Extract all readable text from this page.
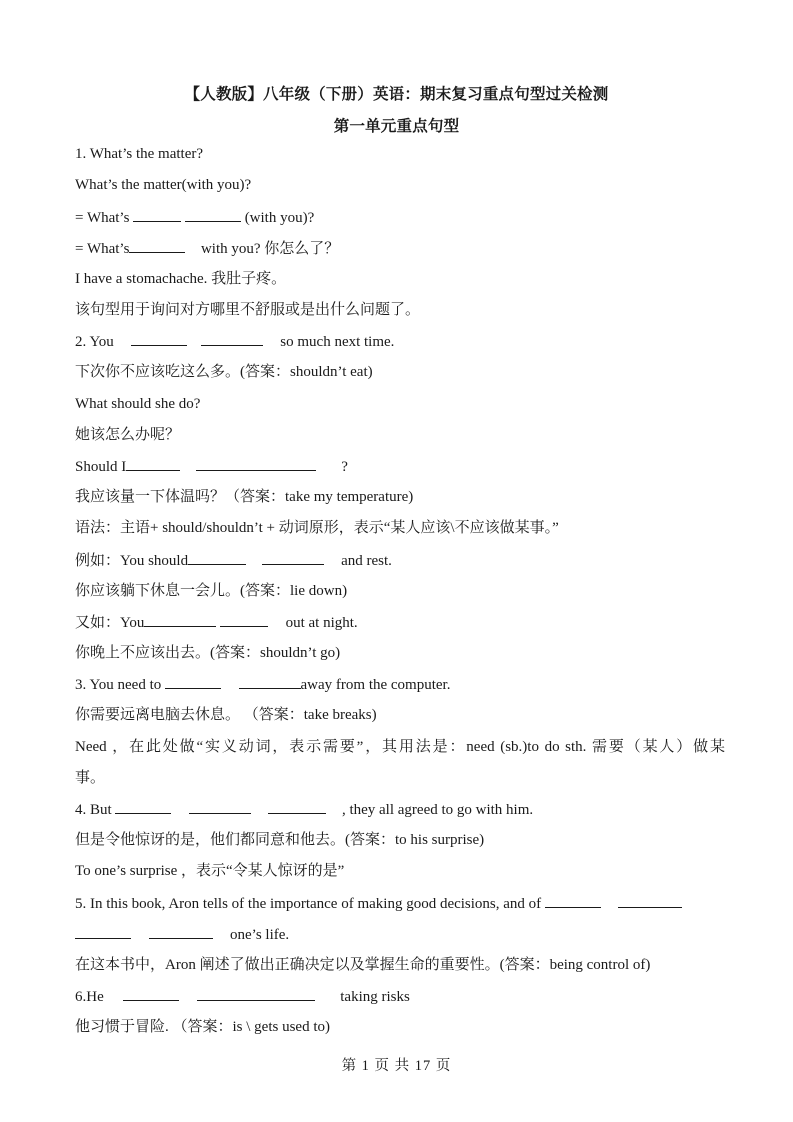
【人教版】八年级（下册）英语：期末复习重点句型过关检测
第一单元重点句型
1. What’s the matter?
What’s the matter(with you)?
= What’s	(with you)?
= What’s	with you? 你怎么了？
I have a stomachache. 我肚子疼。
该句型用于询问对方哪里不舒服或是出什么问题了。
2. You	so much next time.
下次你不应该吃这么多。(答案：shouldn’t eat)
What should she do?
她该怎么办呢？
Should I	?
我应该量一下体温吗？（答案：take my temperature)
语法：主语+ should/shouldn’t + 动词原形，表示“某人应该\不应该做某事。”
例如：You should	and rest.
你应该躺下休息一会儿。(答案：lie down)
又如：You	out at night.
你晚上不应该出去。(答案：shouldn’t go)
3. You need to	away from the computer.
你需要远离电脑去休息。 （答案：take breaks)
Need ，在此处做“实义动词，表示需要”，其用法是：need (sb.)to do sth. 需要（某人）做某
事。
4. But	, they all agreed to go with him.
但是令他惊讶的是，他们都同意和他去。(答案：to his surprise)
To one’s surprise ，表示“令某人惊讶的是”
5. In this book, Aron tells of the importance of making good decisions, and of
one’s life.
在这本书中，Aron 阐述了做出正确决定以及掌握生命的重要性。(答案：being control of)
6.He	taking risks
他习惯于冒险. （答案：is \ gets used to)
第 1 页 共 17 页
